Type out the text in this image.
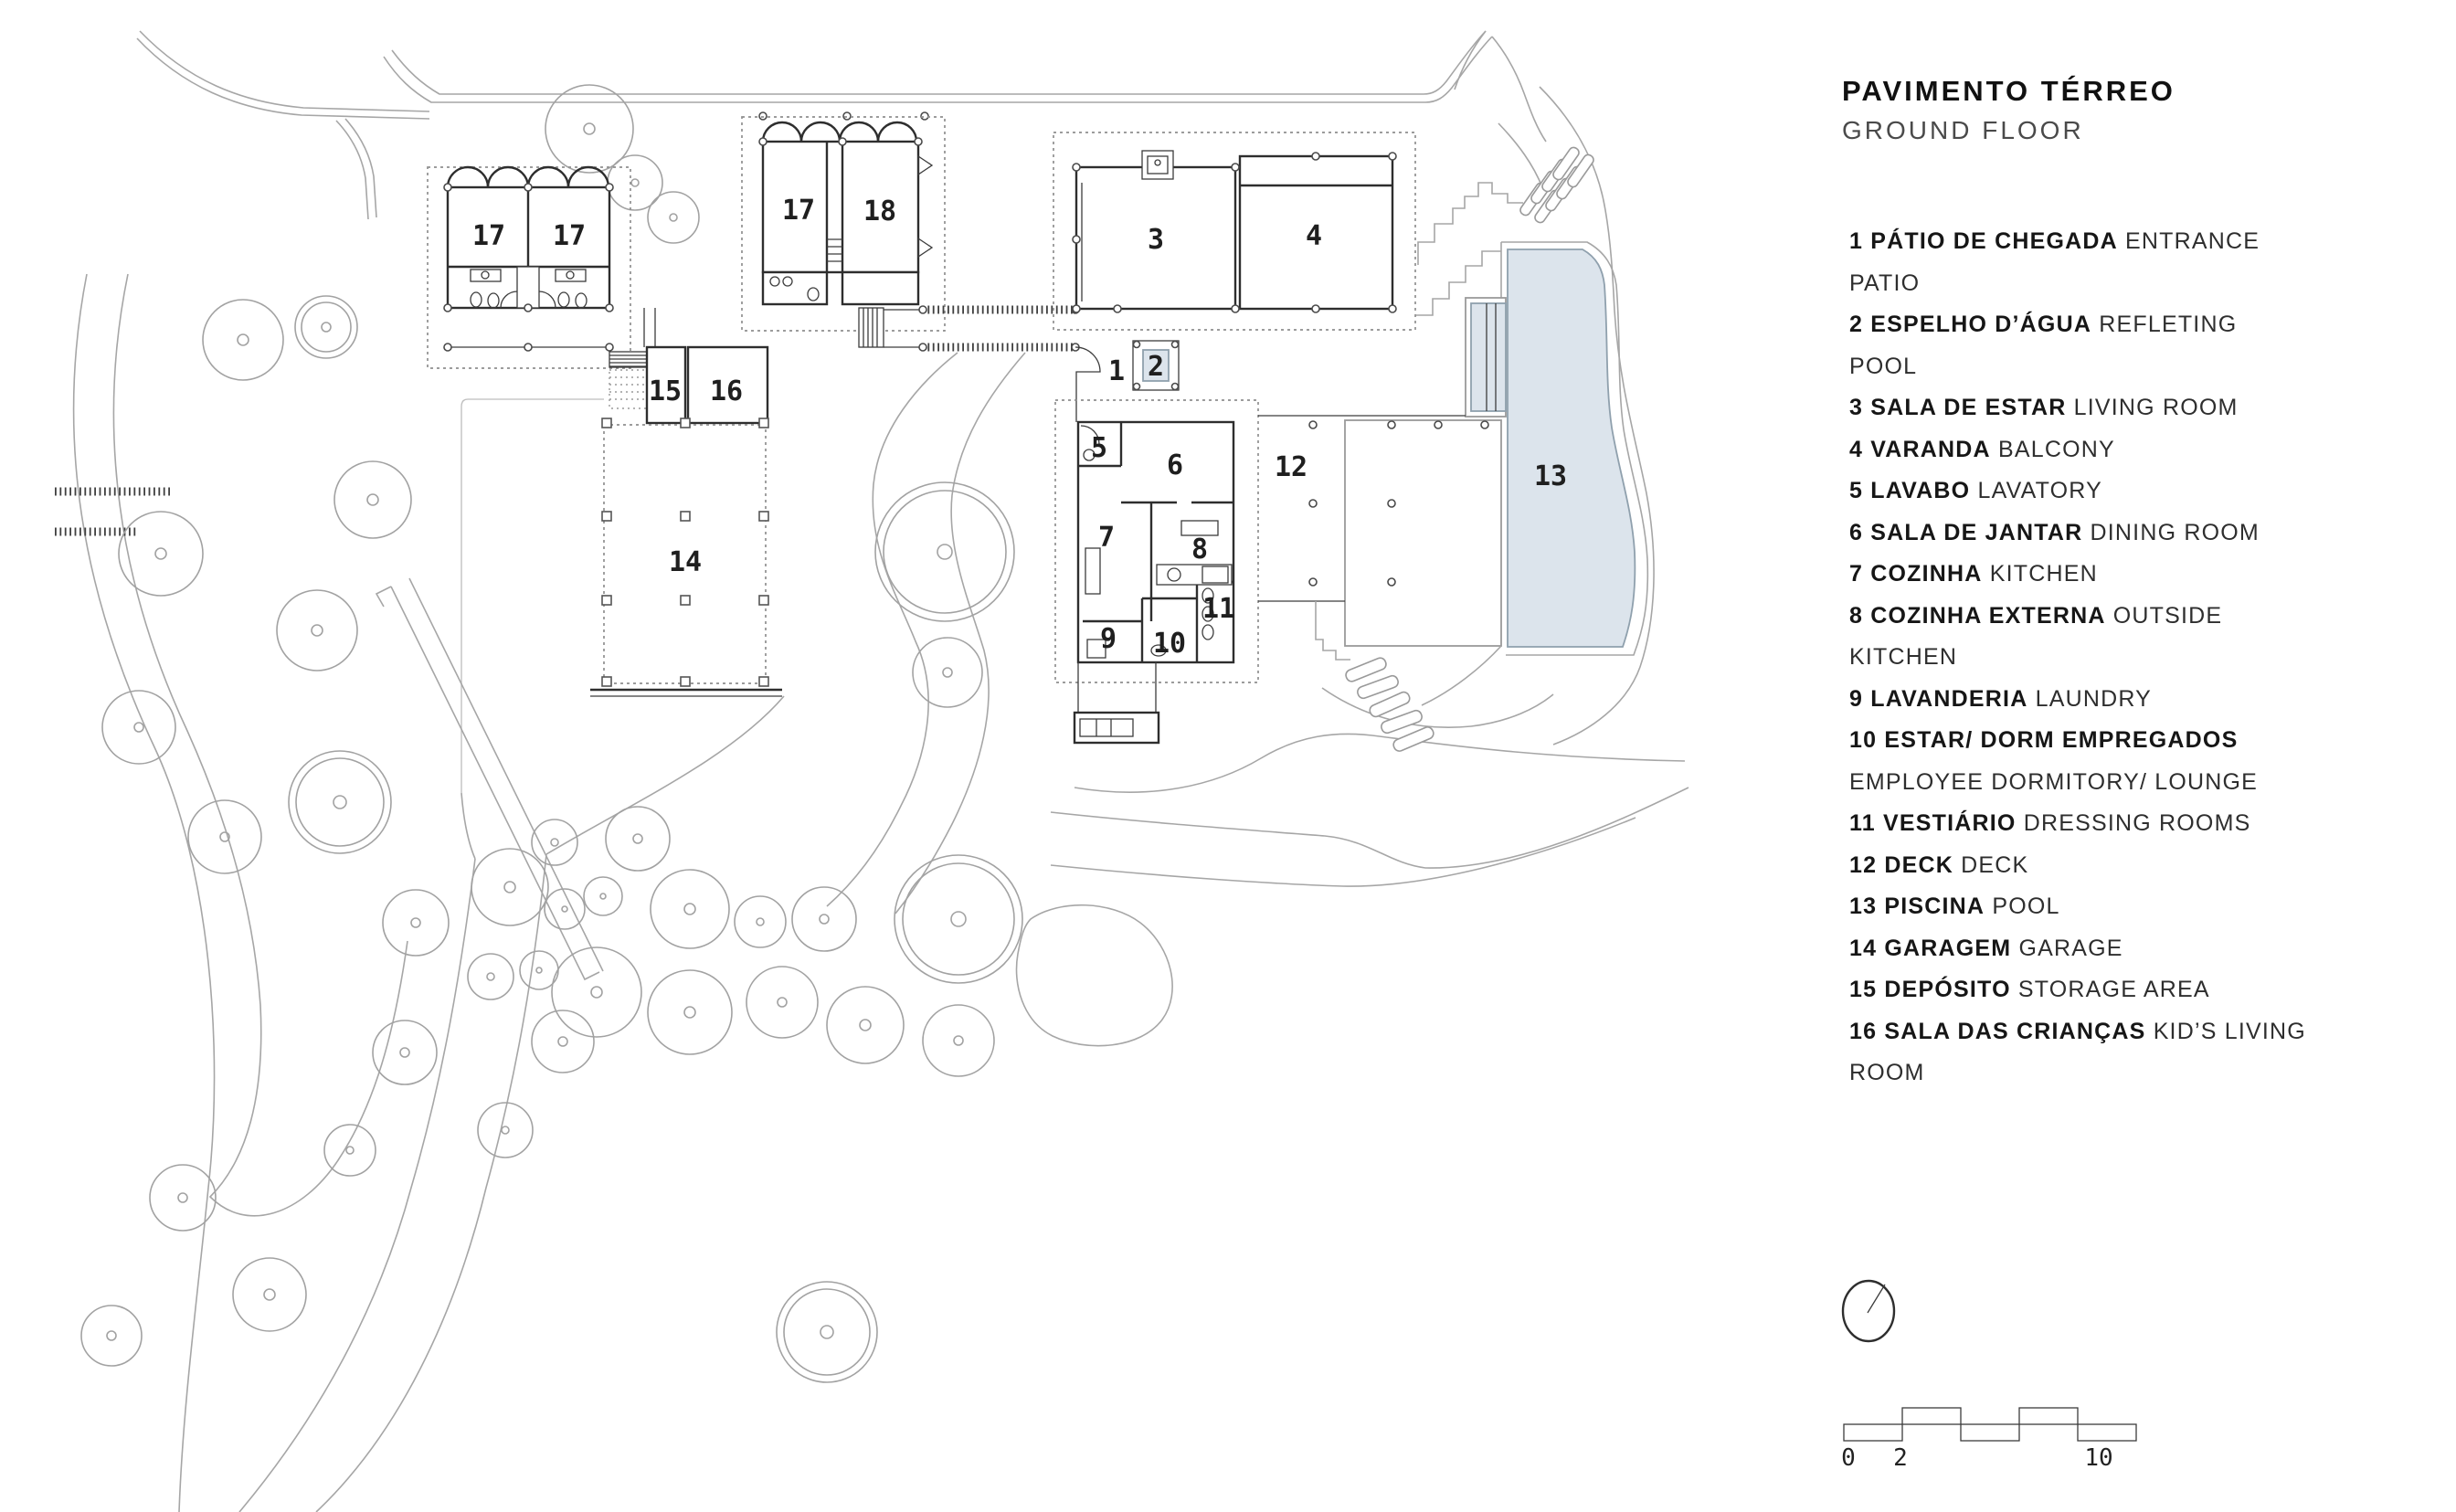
1 2
3	4
5
6
7	8
9 10
11
12	13
14
15 16
17 17
17 18
0 2	10
PAVIMENTO TÉRREO
GROUND FLOOR
1 PÁTIO DE CHEGADA ENTRANCE PATIO
2 ESPELHO D’ÁGUA REFLETING POOL
3 SALA DE ESTAR LIVING ROOM
4 VARANDA BALCONY
5 LAVABO LAVATORY
6 SALA DE JANTAR DINING ROOM
7 COZINHA KITCHEN
8 COZINHA EXTERNA OUTSIDE KITCHEN
9 LAVANDERIA LAUNDRY
10 ESTAR/ DORM EMPREGADOS
EMPLOYEE DORMITORY/ LOUNGE
11 VESTIÁRIO DRESSING ROOMS
12 DECK DECK
13 PISCINA POOL
14 GARAGEM GARAGE
15 DEPÓSITO STORAGE AREA
16 SALA DAS CRIANÇAS KID’S LIVING ROOM
